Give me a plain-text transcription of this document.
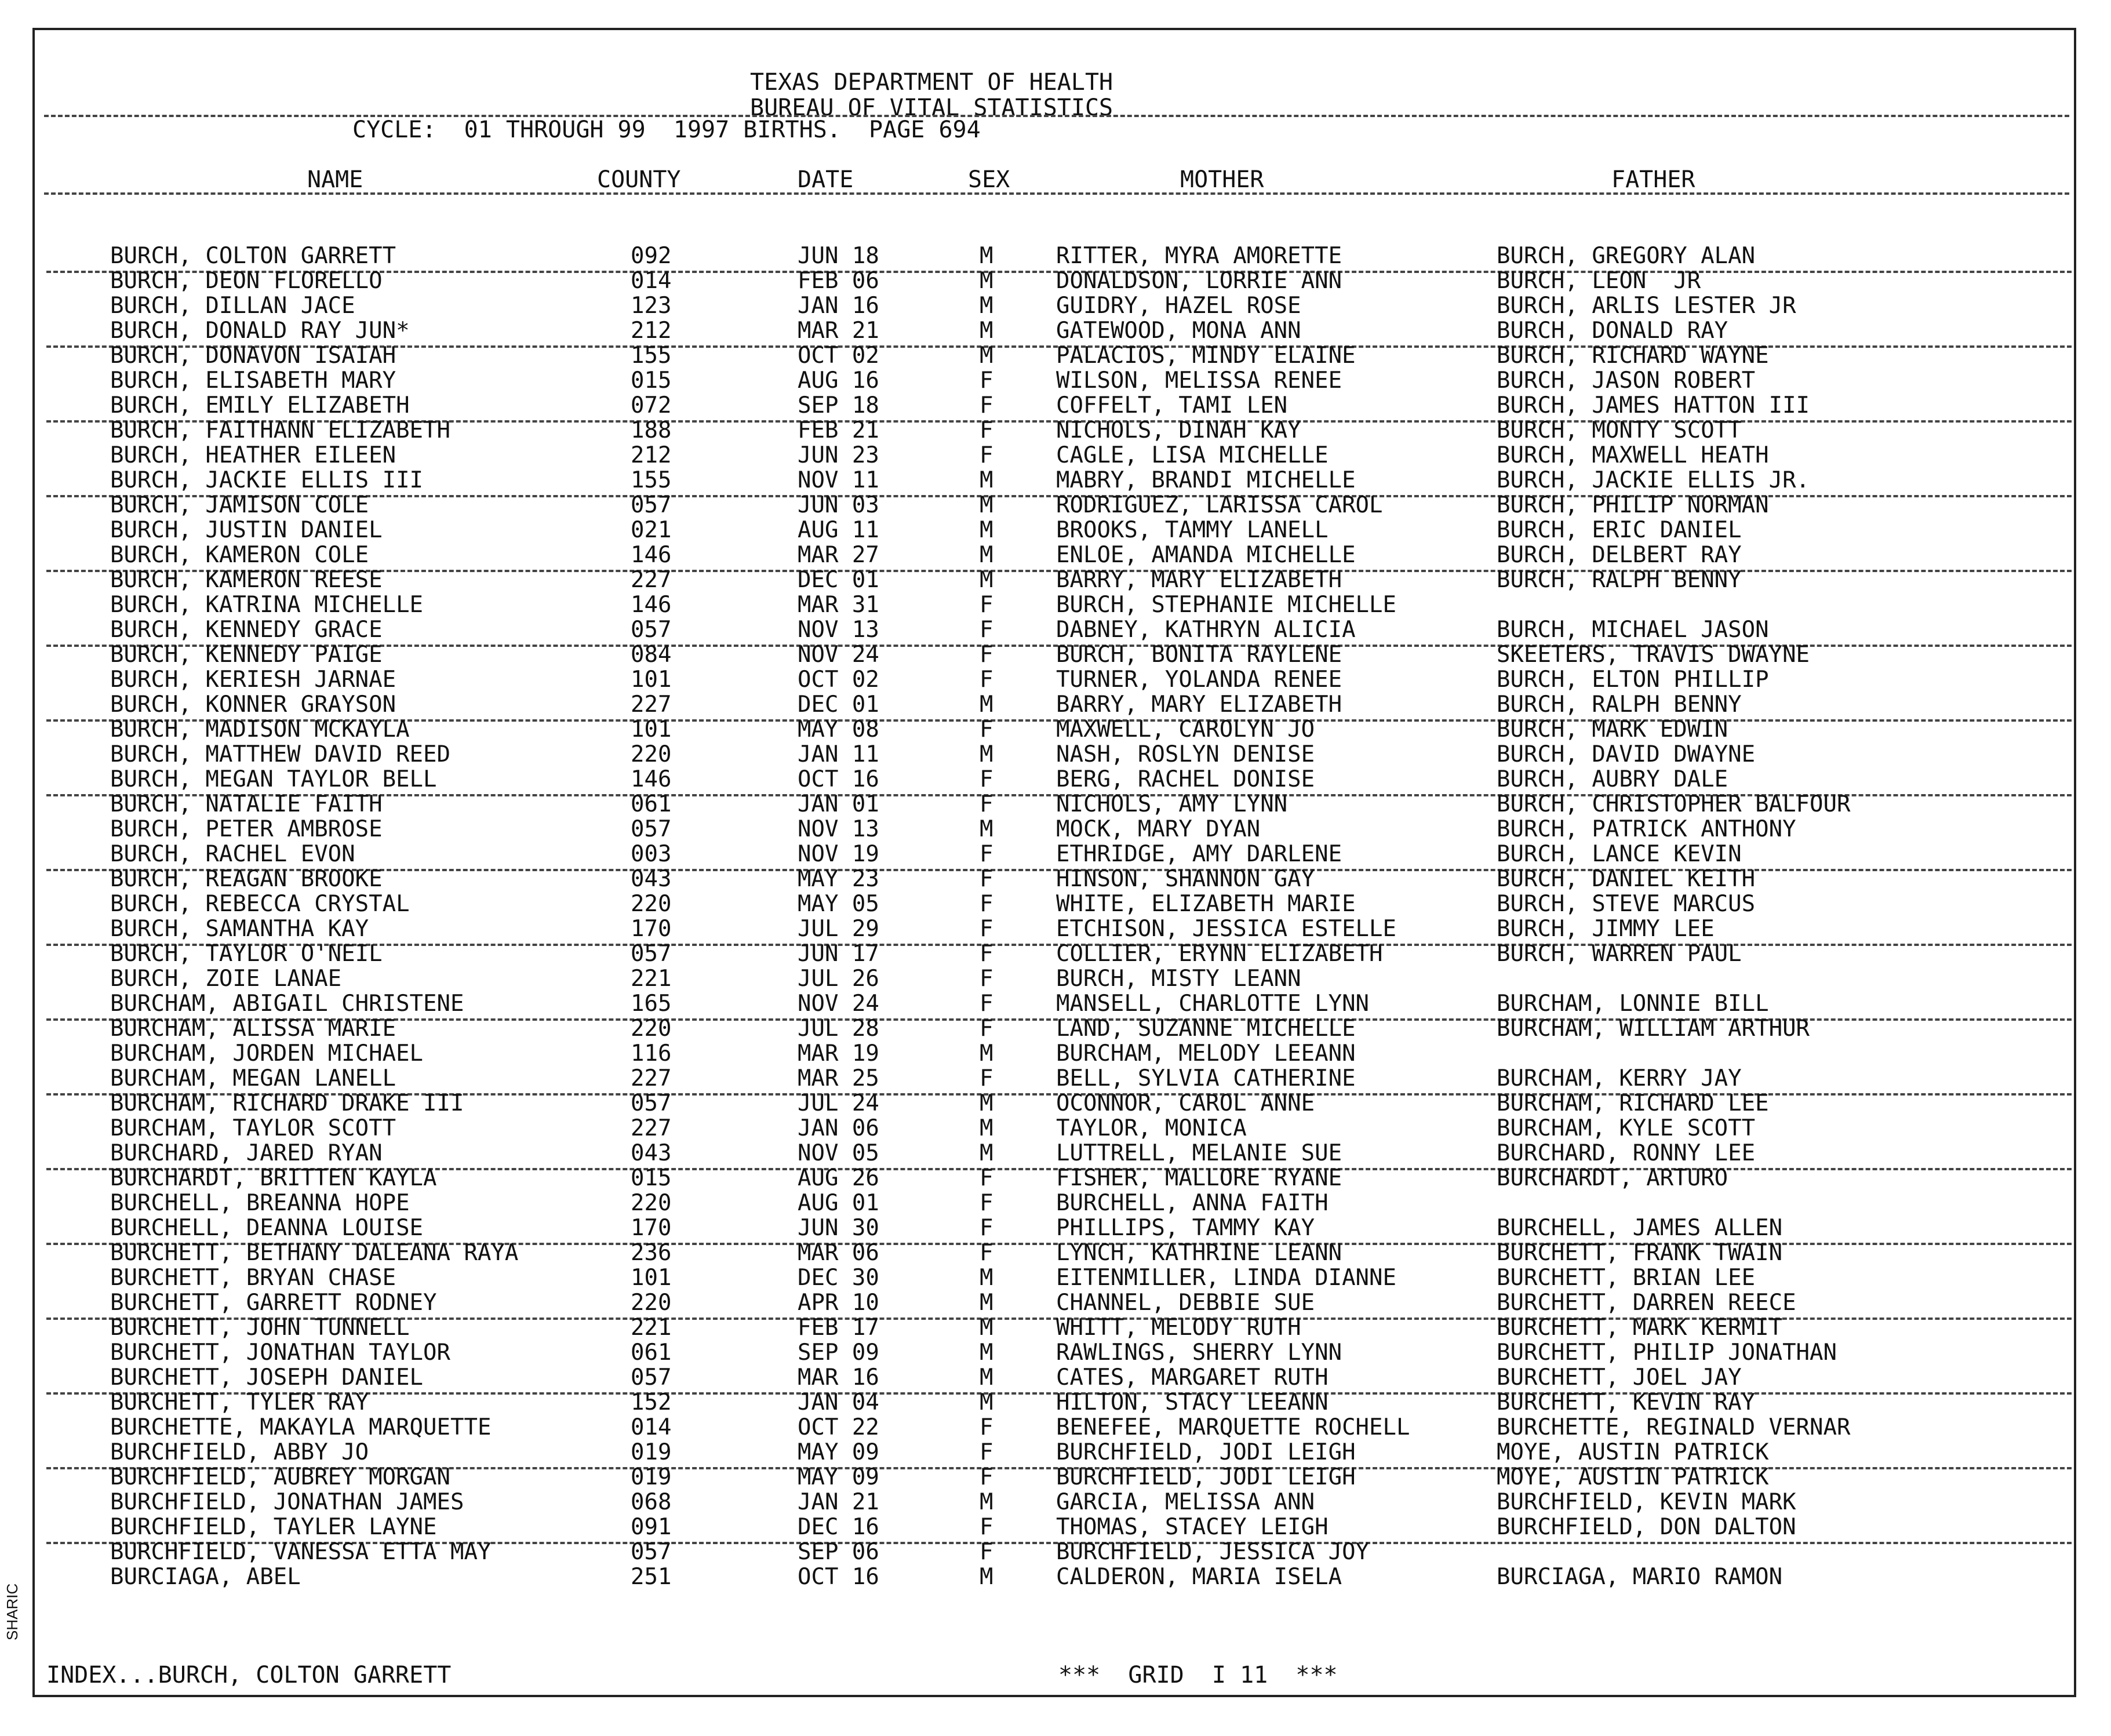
TEXAS DEPARTMENT OF HEALTH
BUREAU OF VITAL STATISTICS
CYCLE:  01 THROUGH 99  1997 BIRTHS.  PAGE 694
NAME	COUNTY	DATE	SEX	MOTHER	FATHER
BURCH, COLTON GARRETT	092	JUN 18	M	RITTER, MYRA AMORETTE	BURCH, GREGORY ALAN
BURCH, DEON FLORELLO	014	FEB 06	M	DONALDSON, LORRIE ANN	BURCH, LEON  JR
BURCH, DILLAN JACE	123	JAN 16	M	GUIDRY, HAZEL ROSE	BURCH, ARLIS LESTER JR
BURCH, DONALD RAY JUN*	212	MAR 21	M	GATEWOOD, MONA ANN	BURCH, DONALD RAY
BURCH, DONAVON ISAIAH	155	OCT 02	M	PALACIOS, MINDY ELAINE	BURCH, RICHARD WAYNE
BURCH, ELISABETH MARY	015	AUG 16	F	WILSON, MELISSA RENEE	BURCH, JASON ROBERT
BURCH, EMILY ELIZABETH	072	SEP 18	F	COFFELT, TAMI LEN	BURCH, JAMES HATTON III
BURCH, FAITHANN ELIZABETH	188	FEB 21	F	NICHOLS, DINAH KAY	BURCH, MONTY SCOTT
BURCH, HEATHER EILEEN	212	JUN 23	F	CAGLE, LISA MICHELLE	BURCH, MAXWELL HEATH
BURCH, JACKIE ELLIS III	155	NOV 11	M	MABRY, BRANDI MICHELLE	BURCH, JACKIE ELLIS JR.
BURCH, JAMISON COLE	057	JUN 03	M	RODRIGUEZ, LARISSA CAROL	BURCH, PHILIP NORMAN
BURCH, JUSTIN DANIEL	021	AUG 11	M	BROOKS, TAMMY LANELL	BURCH, ERIC DANIEL
BURCH, KAMERON COLE	146	MAR 27	M	ENLOE, AMANDA MICHELLE	BURCH, DELBERT RAY
BURCH, KAMERON REESE	227	DEC 01	M	BARRY, MARY ELIZABETH	BURCH, RALPH BENNY
BURCH, KATRINA MICHELLE	146	MAR 31	F	BURCH, STEPHANIE MICHELLE
BURCH, KENNEDY GRACE	057	NOV 13	F	DABNEY, KATHRYN ALICIA	BURCH, MICHAEL JASON
BURCH, KENNEDY PAIGE	084	NOV 24	F	BURCH, BONITA RAYLENE	SKEETERS, TRAVIS DWAYNE
BURCH, KERIESH JARNAE	101	OCT 02	F	TURNER, YOLANDA RENEE	BURCH, ELTON PHILLIP
BURCH, KONNER GRAYSON	227	DEC 01	M	BARRY, MARY ELIZABETH	BURCH, RALPH BENNY
BURCH, MADISON MCKAYLA	101	MAY 08	F	MAXWELL, CAROLYN JO	BURCH, MARK EDWIN
BURCH, MATTHEW DAVID REED	220	JAN 11	M	NASH, ROSLYN DENISE	BURCH, DAVID DWAYNE
BURCH, MEGAN TAYLOR BELL	146	OCT 16	F	BERG, RACHEL DONISE	BURCH, AUBRY DALE
BURCH, NATALIE FAITH	061	JAN 01	F	NICHOLS, AMY LYNN	BURCH, CHRISTOPHER BALFOUR
BURCH, PETER AMBROSE	057	NOV 13	M	MOCK, MARY DYAN	BURCH, PATRICK ANTHONY
BURCH, RACHEL EVON	003	NOV 19	F	ETHRIDGE, AMY DARLENE	BURCH, LANCE KEVIN
BURCH, REAGAN BROOKE	043	MAY 23	F	HINSON, SHANNON GAY	BURCH, DANIEL KEITH
BURCH, REBECCA CRYSTAL	220	MAY 05	F	WHITE, ELIZABETH MARIE	BURCH, STEVE MARCUS
BURCH, SAMANTHA KAY	170	JUL 29	F	ETCHISON, JESSICA ESTELLE	BURCH, JIMMY LEE
BURCH, TAYLOR O'NEIL	057	JUN 17	F	COLLIER, ERYNN ELIZABETH	BURCH, WARREN PAUL
BURCH, ZOIE LANAE	221	JUL 26	F	BURCH, MISTY LEANN
BURCHAM, ABIGAIL CHRISTENE	165	NOV 24	F	MANSELL, CHARLOTTE LYNN	BURCHAM, LONNIE BILL
BURCHAM, ALISSA MARIE	220	JUL 28	F	LAND, SUZANNE MICHELLE	BURCHAM, WILLIAM ARTHUR
BURCHAM, JORDEN MICHAEL	116	MAR 19	M	BURCHAM, MELODY LEEANN
BURCHAM, MEGAN LANELL	227	MAR 25	F	BELL, SYLVIA CATHERINE	BURCHAM, KERRY JAY
BURCHAM, RICHARD DRAKE III	057	JUL 24	M	OCONNOR, CAROL ANNE	BURCHAM, RICHARD LEE
BURCHAM, TAYLOR SCOTT	227	JAN 06	M	TAYLOR, MONICA	BURCHAM, KYLE SCOTT
BURCHARD, JARED RYAN	043	NOV 05	M	LUTTRELL, MELANIE SUE	BURCHARD, RONNY LEE
BURCHARDT, BRITTEN KAYLA	015	AUG 26	F	FISHER, MALLORE RYANE	BURCHARDT, ARTURO
BURCHELL, BREANNA HOPE	220	AUG 01	F	BURCHELL, ANNA FAITH
BURCHELL, DEANNA LOUISE	170	JUN 30	F	PHILLIPS, TAMMY KAY	BURCHELL, JAMES ALLEN
BURCHETT, BETHANY DALEANA RAYA	236	MAR 06	F	LYNCH, KATHRINE LEANN	BURCHETT, FRANK TWAIN
BURCHETT, BRYAN CHASE	101	DEC 30	M	EITENMILLER, LINDA DIANNE	BURCHETT, BRIAN LEE
BURCHETT, GARRETT RODNEY	220	APR 10	M	CHANNEL, DEBBIE SUE	BURCHETT, DARREN REECE
BURCHETT, JOHN TUNNELL	221	FEB 17	M	WHITT, MELODY RUTH	BURCHETT, MARK KERMIT
BURCHETT, JONATHAN TAYLOR	061	SEP 09	M	RAWLINGS, SHERRY LYNN	BURCHETT, PHILIP JONATHAN
BURCHETT, JOSEPH DANIEL	057	MAR 16	M	CATES, MARGARET RUTH	BURCHETT, JOEL JAY
BURCHETT, TYLER RAY	152	JAN 04	M	HILTON, STACY LEEANN	BURCHETT, KEVIN RAY
BURCHETTE, MAKAYLA MARQUETTE	014	OCT 22	F	BENEFEE, MARQUETTE ROCHELL	BURCHETTE, REGINALD VERNAR
BURCHFIELD, ABBY JO	019	MAY 09	F	BURCHFIELD, JODI LEIGH	MOYE, AUSTIN PATRICK
BURCHFIELD, AUBREY MORGAN	019	MAY 09	F	BURCHFIELD, JODI LEIGH	MOYE, AUSTIN PATRICK
BURCHFIELD, JONATHAN JAMES	068	JAN 21	M	GARCIA, MELISSA ANN	BURCHFIELD, KEVIN MARK
BURCHFIELD, TAYLER LAYNE	091	DEC 16	F	THOMAS, STACEY LEIGH	BURCHFIELD, DON DALTON
BURCHFIELD, VANESSA ETTA MAY	057	SEP 06	F	BURCHFIELD, JESSICA JOY
BURCIAGA, ABEL	251	OCT 16	M	CALDERON, MARIA ISELA	BURCIAGA, MARIO RAMON
INDEX...BURCH, COLTON GARRETT	***  GRID  I 11  ***
SHARIC
